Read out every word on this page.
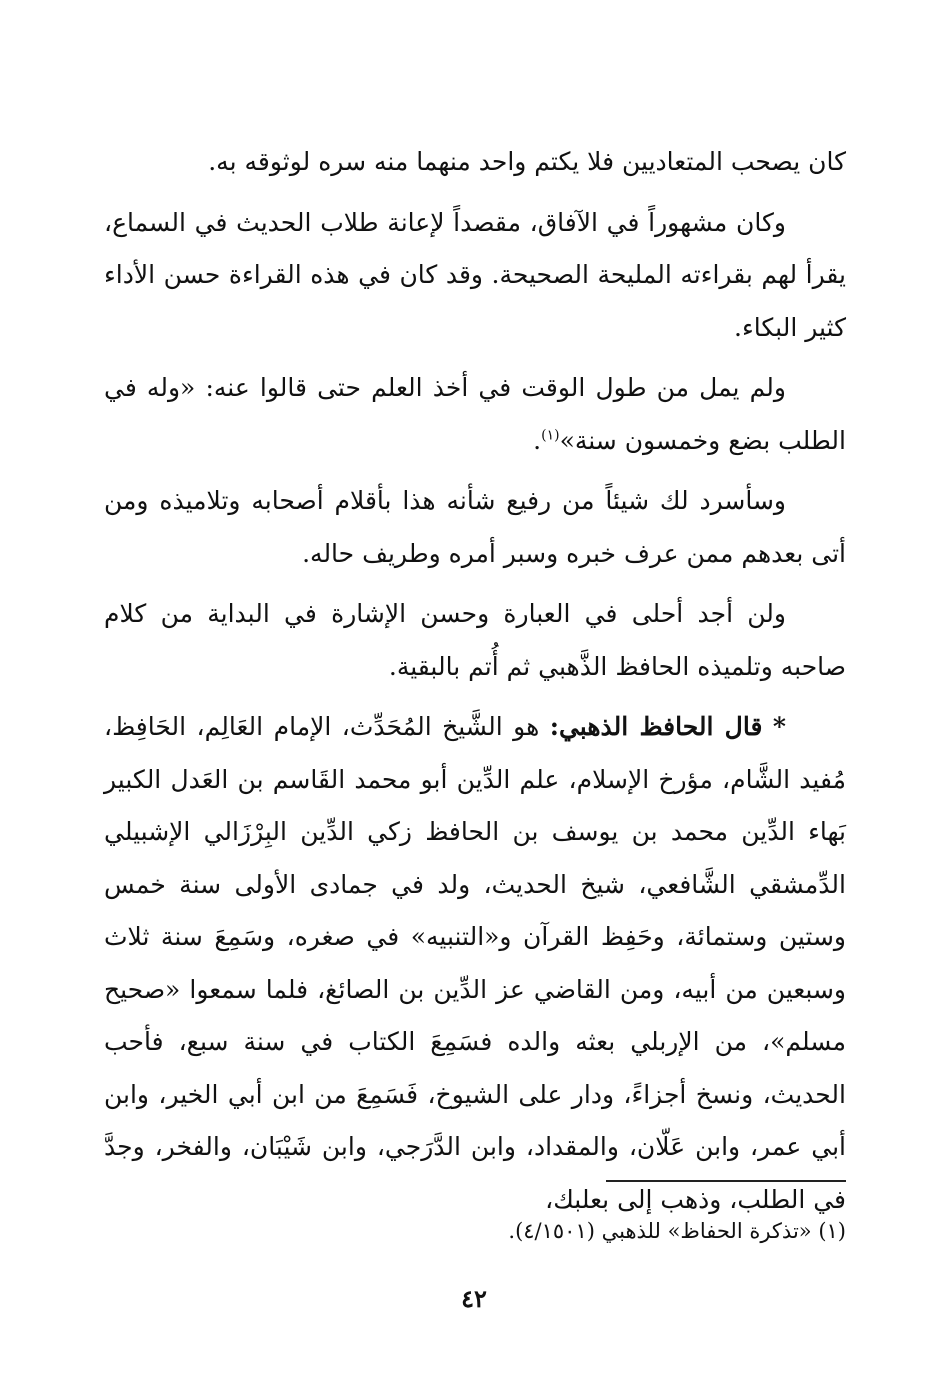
كان يصحب المتعاديين فلا يكتم واحد منهما منه سره لوثوقه به.

وكان مشهوراً في الآفاق، مقصداً لإعانة طلاب الحديث في السماع، يقرأ لهم بقراءته المليحة الصحيحة. وقد كان في هذه القراءة حسن الأداء كثير البكاء.

ولم يمل من طول الوقت في أخذ العلم حتى قالوا عنه: «وله في الطلب بضع وخمسون سنة»$^{(١)}$.

وسأسرد لك شيئاً من رفيع شأنه هذا بأقلام أصحابه وتلاميذه ومن أتى بعدهم ممن عرف خبره وسبر أمره وطريف حاله.

ولن أجد أحلى في العبارة وحسن الإشارة في البداية من كلام صاحبه وتلميذه الحافظ الذَّهبي ثم أُتم بالبقية.

* قال الحافظ الذهبي: هو الشَّيخ المُحَدِّث، الإمام العَالِم، الحَافِظ، مُفيد الشَّام، مؤرخ الإسلام، علم الدِّين أبو محمد القَاسم بن العَدل الكبير بَهاء الدِّين محمد بن يوسف بن الحافظ زكي الدِّين البِرْزَالي الإشبيلي الدِّمشقي الشَّافعي، شيخ الحديث، ولد في جمادى الأولى سنة خمس وستين وستمائة، وحَفِظ القرآن و«التنبيه» في صغره، وسَمِعَ سنة ثلاث وسبعين من أبيه، ومن القاضي عز الدِّين بن الصائغ، فلما سمعوا «صحيح مسلم»، من الإربلي بعثه والده فسَمِعَ الكتاب في سنة سبع، فأحب الحديث، ونسخ أجزاءً، ودار على الشيوخ، فَسَمِعَ من ابن أبي الخير، وابن أبي عمر، وابن عَلّان، والمقداد، وابن الدَّرَجي، وابن شَيْبَان، والفخر، وجدَّ في الطلب، وذهب إلى بعلبك،

(١) «تذكرة الحفاظ» للذهبي (٤/١٥٠١).
٤٢
